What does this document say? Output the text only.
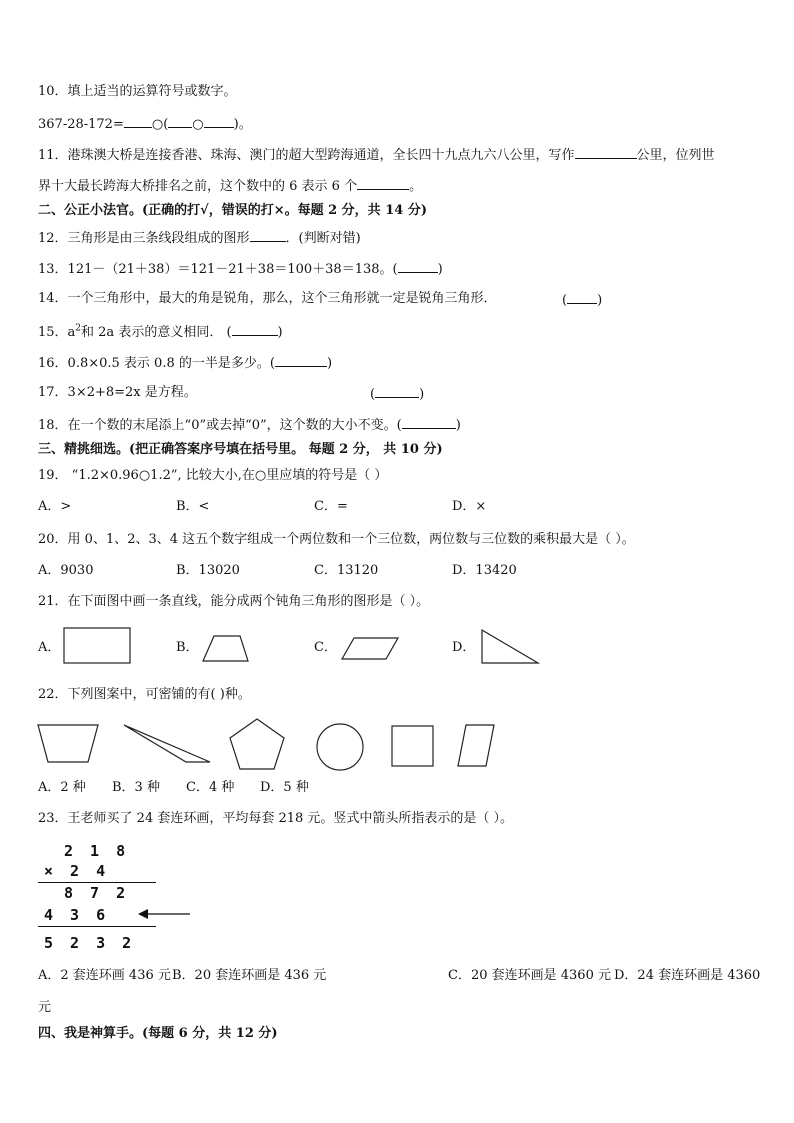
10．填上适当的运算符号或数字。
367-28-172= ○( ○ )。
11．港珠澳大桥是连接香港、珠海、澳门的超大型跨海通道，全长四十九点九六八公里，写作	公里，位列世
界十大最长跨海大桥排名之前，这个数中的 6 表示 6 个	。
二、公正小法官。(正确的打√，错误的打×。每题 2 分，共 14 分)
12．三角形是由三条线段组成的图形	．(判断对错)
13．121－（21＋38）＝121－21＋38＝100＋38＝138。(	)
14．一个三角形中，最大的角是锐角，那么，这个三角形就一定是锐角三角形．	( )
15．$a^2$和 2a 表示的意义相同． (	)
16．0.8×0.5 表示 0.8 的一半是多少。(	)
17．3×2+8=2x 是方程。	(	)
18．在一个数的末尾添上“0”或去掉“0”，这个数的大小不变。(	)
三、精挑细选。(把正确答案序号填在括号里。 每题 2 分， 共 10 分)
19． “1.2×0.96○1.2”, 比较大小,在○里应填的符号是（ ）
A．>	B．<	C．=	D．×
20．用 0、1、2、3、4 这五个数字组成一个两位数和一个三位数，两位数与三位数的乘积最大是（ ）。
A．9030	B．13020	C．13120	D．13420
21．在下面图中画一条直线，能分成两个钝角三角形的图形是（ ）。
A．	B．	C．	D．
22．下列图案中，可密铺的有( )种。
A．2 种 B．3 种 C．4 种 D．5 种
23．王老师买了 24 套连环画，平均每套 218 元。竖式中箭头所指表示的是（ ）。
2 1 8
× 2 4
8 7 2
4 3 6
5 2 3 2
A．2 套连环画 436 元 B．20 套连环画是 436 元	C．20 套连环画是 4360 元 D．24 套连环画是 4360
元
四、我是神算手。(每题 6 分，共 12 分)
